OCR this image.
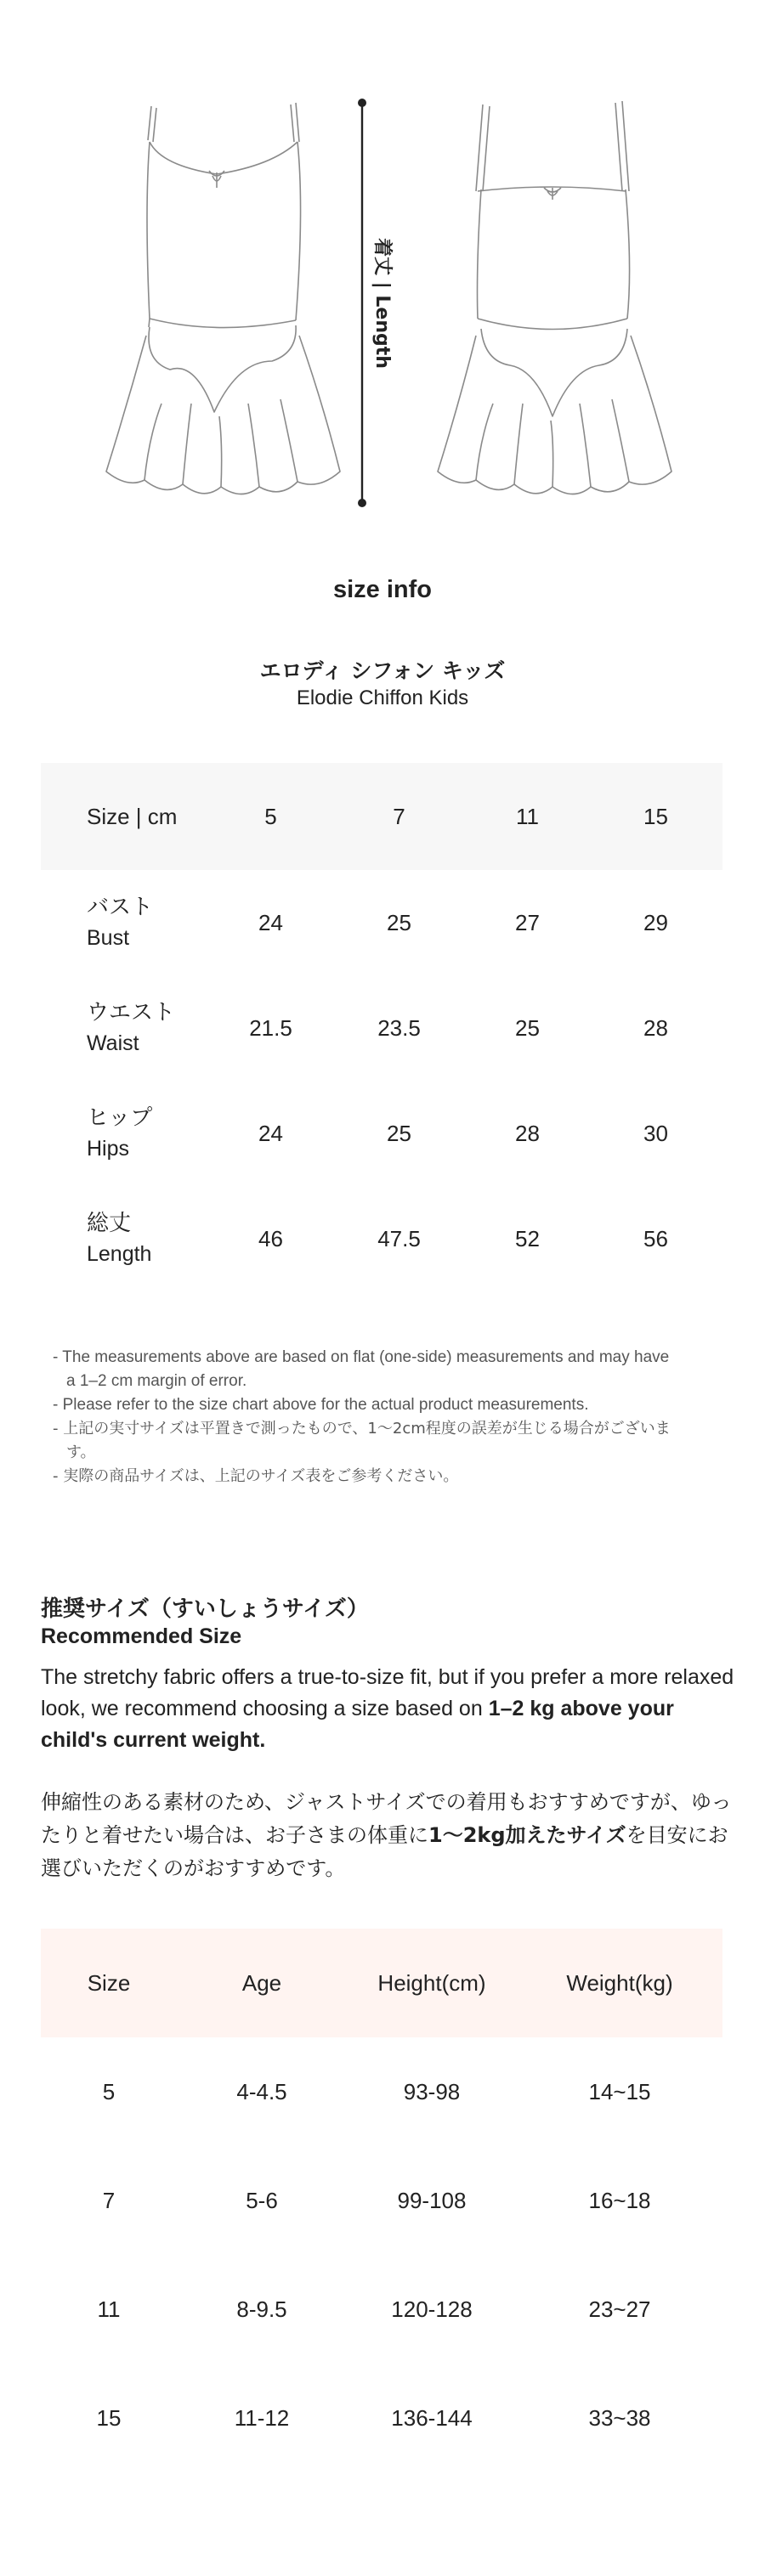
着丈 | Length
size info
エロディ シフォン キッズ
Elodie Chiffon Kids
Size | cm	5	7	11	15
バスト
Bust
24	25	27	29
ウエスト
Waist
21.5	23.5	25	28
ヒップ
Hips
24	25	28	30
総丈
Length
46	47.5	52	56
- The measurements above are based on flat (one-side) measurements and may have a 1–2 cm margin of error.
- Please refer to the size chart above for the actual product measurements.
- 上記の実寸サイズは平置きで測ったもので、1〜2cm程度の誤差が生じる場合がございます。
- 実際の商品サイズは、上記のサイズ表をご参考ください。
推奨サイズ（すいしょうサイズ）
Recommended Size

The stretchy fabric offers a true-to-size fit, but if you prefer a more relaxed look, we recommend choosing a size based on 1–2 kg above your child's current weight.

伸縮性のある素材のため、ジャストサイズでの着用もおすすめですが、ゆったりと着せたい場合は、お子さまの体重に1〜2kg加えたサイズを目安にお選びいただくのがおすすめです。

Size	Age	Height(cm)	Weight(kg)
5	4-4.5	93-98	14~15
7	5-6	99-108	16~18
11	8-9.5	120-128	23~27
15	11-12	136-144	33~38
